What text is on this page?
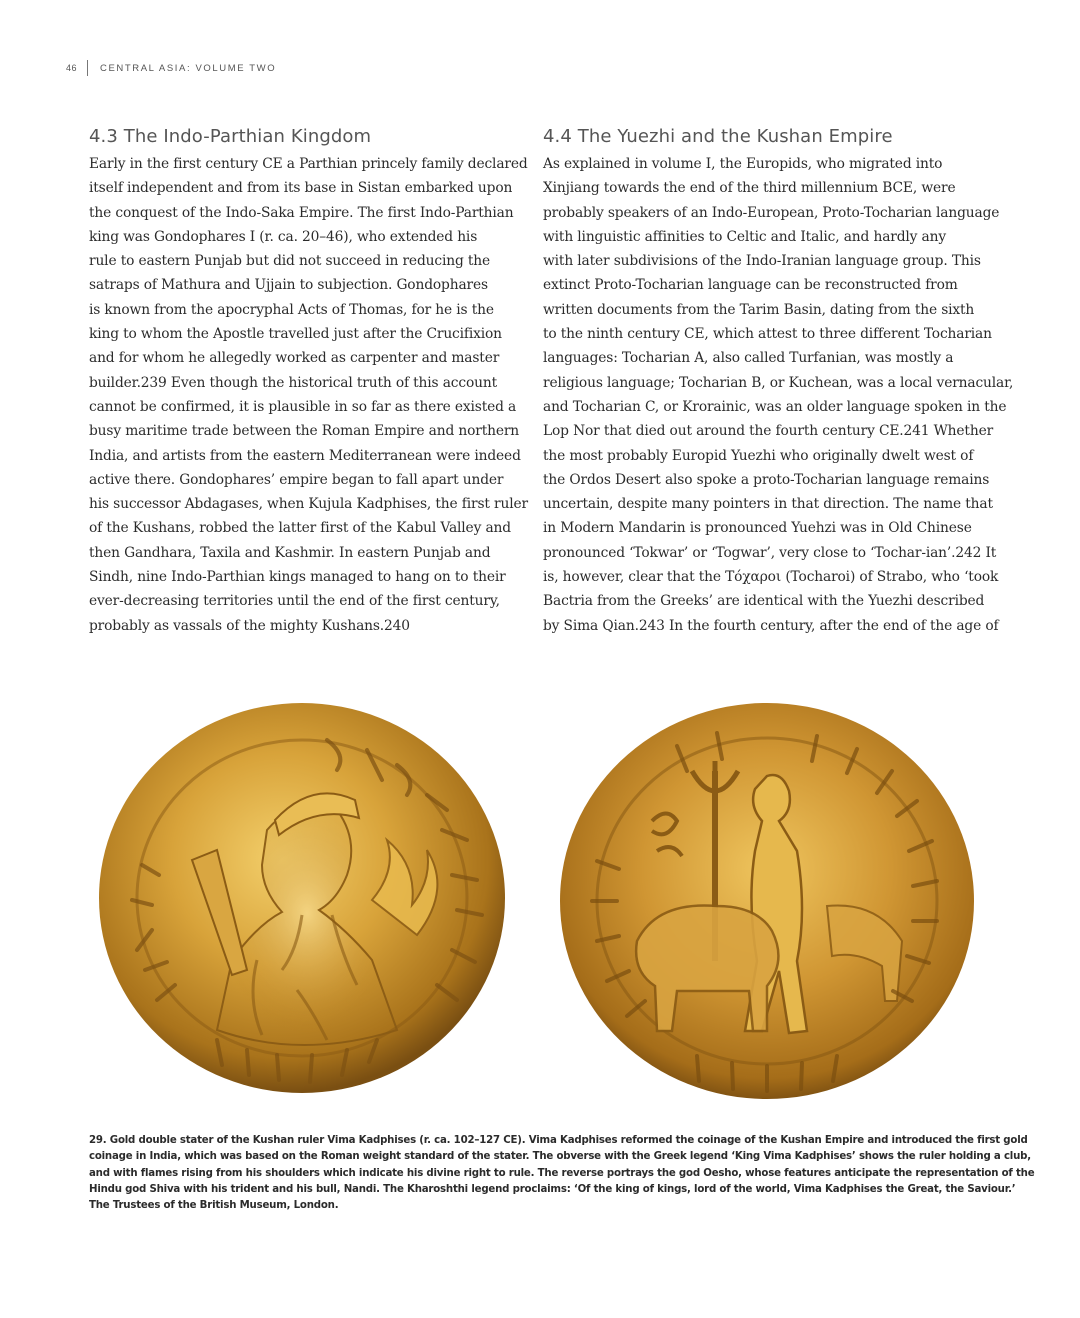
46 CENTRAL ASIA: VOLUME TWO
4.3 The Indo-Parthian Kingdom
Early in the first century CE a Parthian princely family declared
itself independent and from its base in Sistan embarked upon
the conquest of the Indo-Saka Empire. The first Indo-Parthian
king was Gondophares I (r. ca. 20–46), who extended his
rule to eastern Punjab but did not succeed in reducing the
satraps of Mathura and Ujjain to subjection. Gondophares
is known from the apocryphal Acts of Thomas, for he is the
king to whom the Apostle travelled just after the Crucifixion
and for whom he allegedly worked as carpenter and master
builder.239 Even though the historical truth of this account
cannot be confirmed, it is plausible in so far as there existed a
busy maritime trade between the Roman Empire and northern
India, and artists from the eastern Mediterranean were indeed
active there. Gondophares’ empire began to fall apart under
his successor Abdagases, when Kujula Kadphises, the first ruler
of the Kushans, robbed the latter first of the Kabul Valley and
then Gandhara, Taxila and Kashmir. In eastern Punjab and
Sindh, nine Indo-Parthian kings managed to hang on to their
ever-decreasing territories until the end of the first century,
probably as vassals of the mighty Kushans.240
4.4 The Yuezhi and the Kushan Empire
As explained in volume I, the Europids, who migrated into
Xinjiang towards the end of the third millennium BCE, were
probably speakers of an Indo-European, Proto-Tocharian language
with linguistic affinities to Celtic and Italic, and hardly any
with later subdivisions of the Indo-Iranian language group. This
extinct Proto-Tocharian language can be reconstructed from
written documents from the Tarim Basin, dating from the sixth
to the ninth century CE, which attest to three different Tocharian
languages: Tocharian A, also called Turfanian, was mostly a
religious language; Tocharian B, or Kuchean, was a local vernacular,
and Tocharian C, or Krorainic, was an older language spoken in the
Lop Nor that died out around the fourth century CE.241 Whether
the most probably Europid Yuezhi who originally dwelt west of
the Ordos Desert also spoke a proto-Tocharian language remains
uncertain, despite many pointers in that direction. The name that
in Modern Mandarin is pronounced Yuehzi was in Old Chinese
pronounced ‘Tokwar’ or ‘Togwar’, very close to ‘Tochar-ian’.242 It
is, however, clear that the Τόχαροι (Tocharoi) of Strabo, who ‘took
Bactria from the Greeks’ are identical with the Yuezhi described
by Sima Qian.243 In the fourth century, after the end of the age of
29. Gold double stater of the Kushan ruler Vima Kadphises (r. ca. 102–127 CE). Vima Kadphises reformed the coinage of the Kushan Empire and introduced the first gold
coinage in India, which was based on the Roman weight standard of the stater. The obverse with the Greek legend ‘King Vima Kadphises’ shows the ruler holding a club,
and with flames rising from his shoulders which indicate his divine right to rule. The reverse portrays the god Oesho, whose features anticipate the representation of the
Hindu god Shiva with his trident and his bull, Nandi. The Kharoshthi legend proclaims: ‘Of the king of kings, lord of the world, Vima Kadphises the Great, the Saviour.’
The Trustees of the British Museum, London.
